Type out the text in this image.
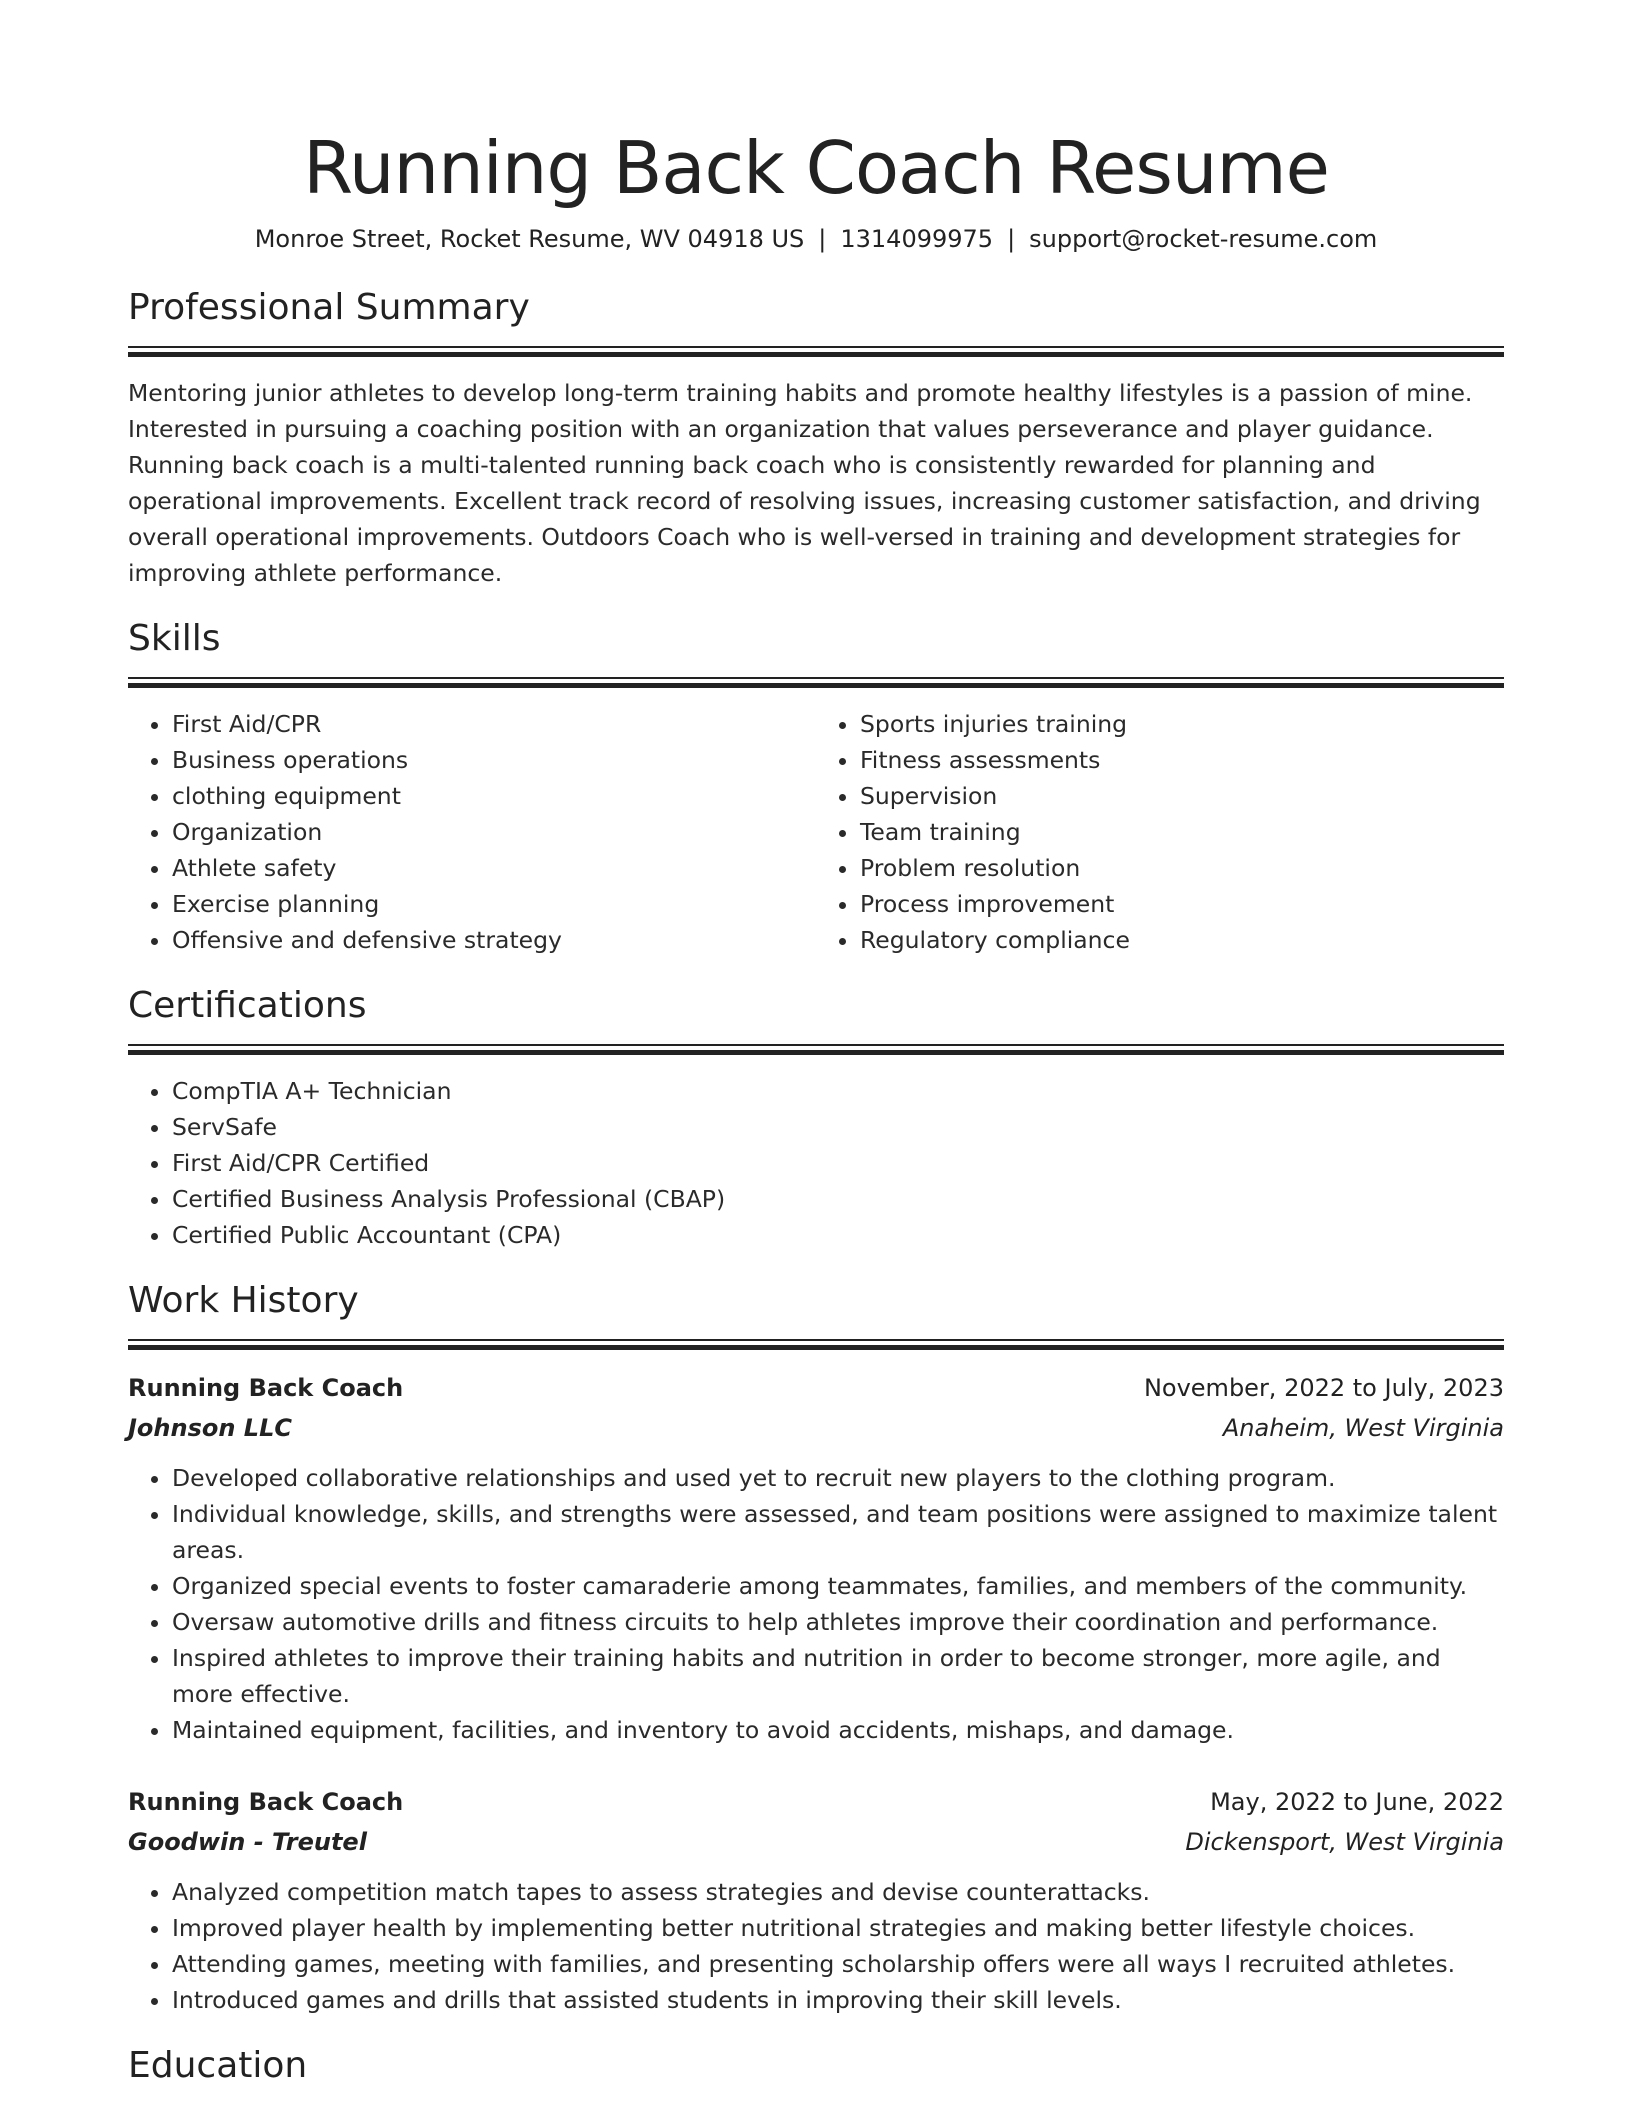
Running Back Coach Resume
Monroe Street, Rocket Resume, WV 04918 US | 1314099975 | support@rocket-resume.com
Professional Summary

Mentoring junior athletes to develop long-term training habits and promote healthy lifestyles is a passion of mine. Interested in pursuing a coaching position with an organization that values perseverance and player guidance. Running back coach is a multi-talented running back coach who is consistently rewarded for planning and operational improvements. Excellent track record of resolving issues, increasing customer satisfaction, and driving overall operational improvements. Outdoors Coach who is well-versed in training and development strategies for improving athlete performance.

Skills
• First Aid/CPR
• Business operations
• clothing equipment
• Organization
• Athlete safety
• Exercise planning
• Offensive and defensive strategy
• Sports injuries training
• Fitness assessments
• Supervision
• Team training
• Problem resolution
• Process improvement
• Regulatory compliance
Certifications
• CompTIA A+ Technician
• ServSafe
• First Aid/CPR Certified
• Certified Business Analysis Professional (CBAP)
• Certified Public Accountant (CPA)
Work History
Running Back Coach	November, 2022 to July, 2023
Johnson LLC	Anaheim, West Virginia
• Developed collaborative relationships and used yet to recruit new players to the clothing program.
• Individual knowledge, skills, and strengths were assessed, and team positions were assigned to maximize talent areas.
• Organized special events to foster camaraderie among teammates, families, and members of the community.
• Oversaw automotive drills and fitness circuits to help athletes improve their coordination and performance.
• Inspired athletes to improve their training habits and nutrition in order to become stronger, more agile, and more effective.
• Maintained equipment, facilities, and inventory to avoid accidents, mishaps, and damage.
Running Back Coach	May, 2022 to June, 2022
Goodwin - Treutel	Dickensport, West Virginia
• Analyzed competition match tapes to assess strategies and devise counterattacks.
• Improved player health by implementing better nutritional strategies and making better lifestyle choices.
• Attending games, meeting with families, and presenting scholarship offers were all ways I recruited athletes.
• Introduced games and drills that assisted students in improving their skill levels.
Education
